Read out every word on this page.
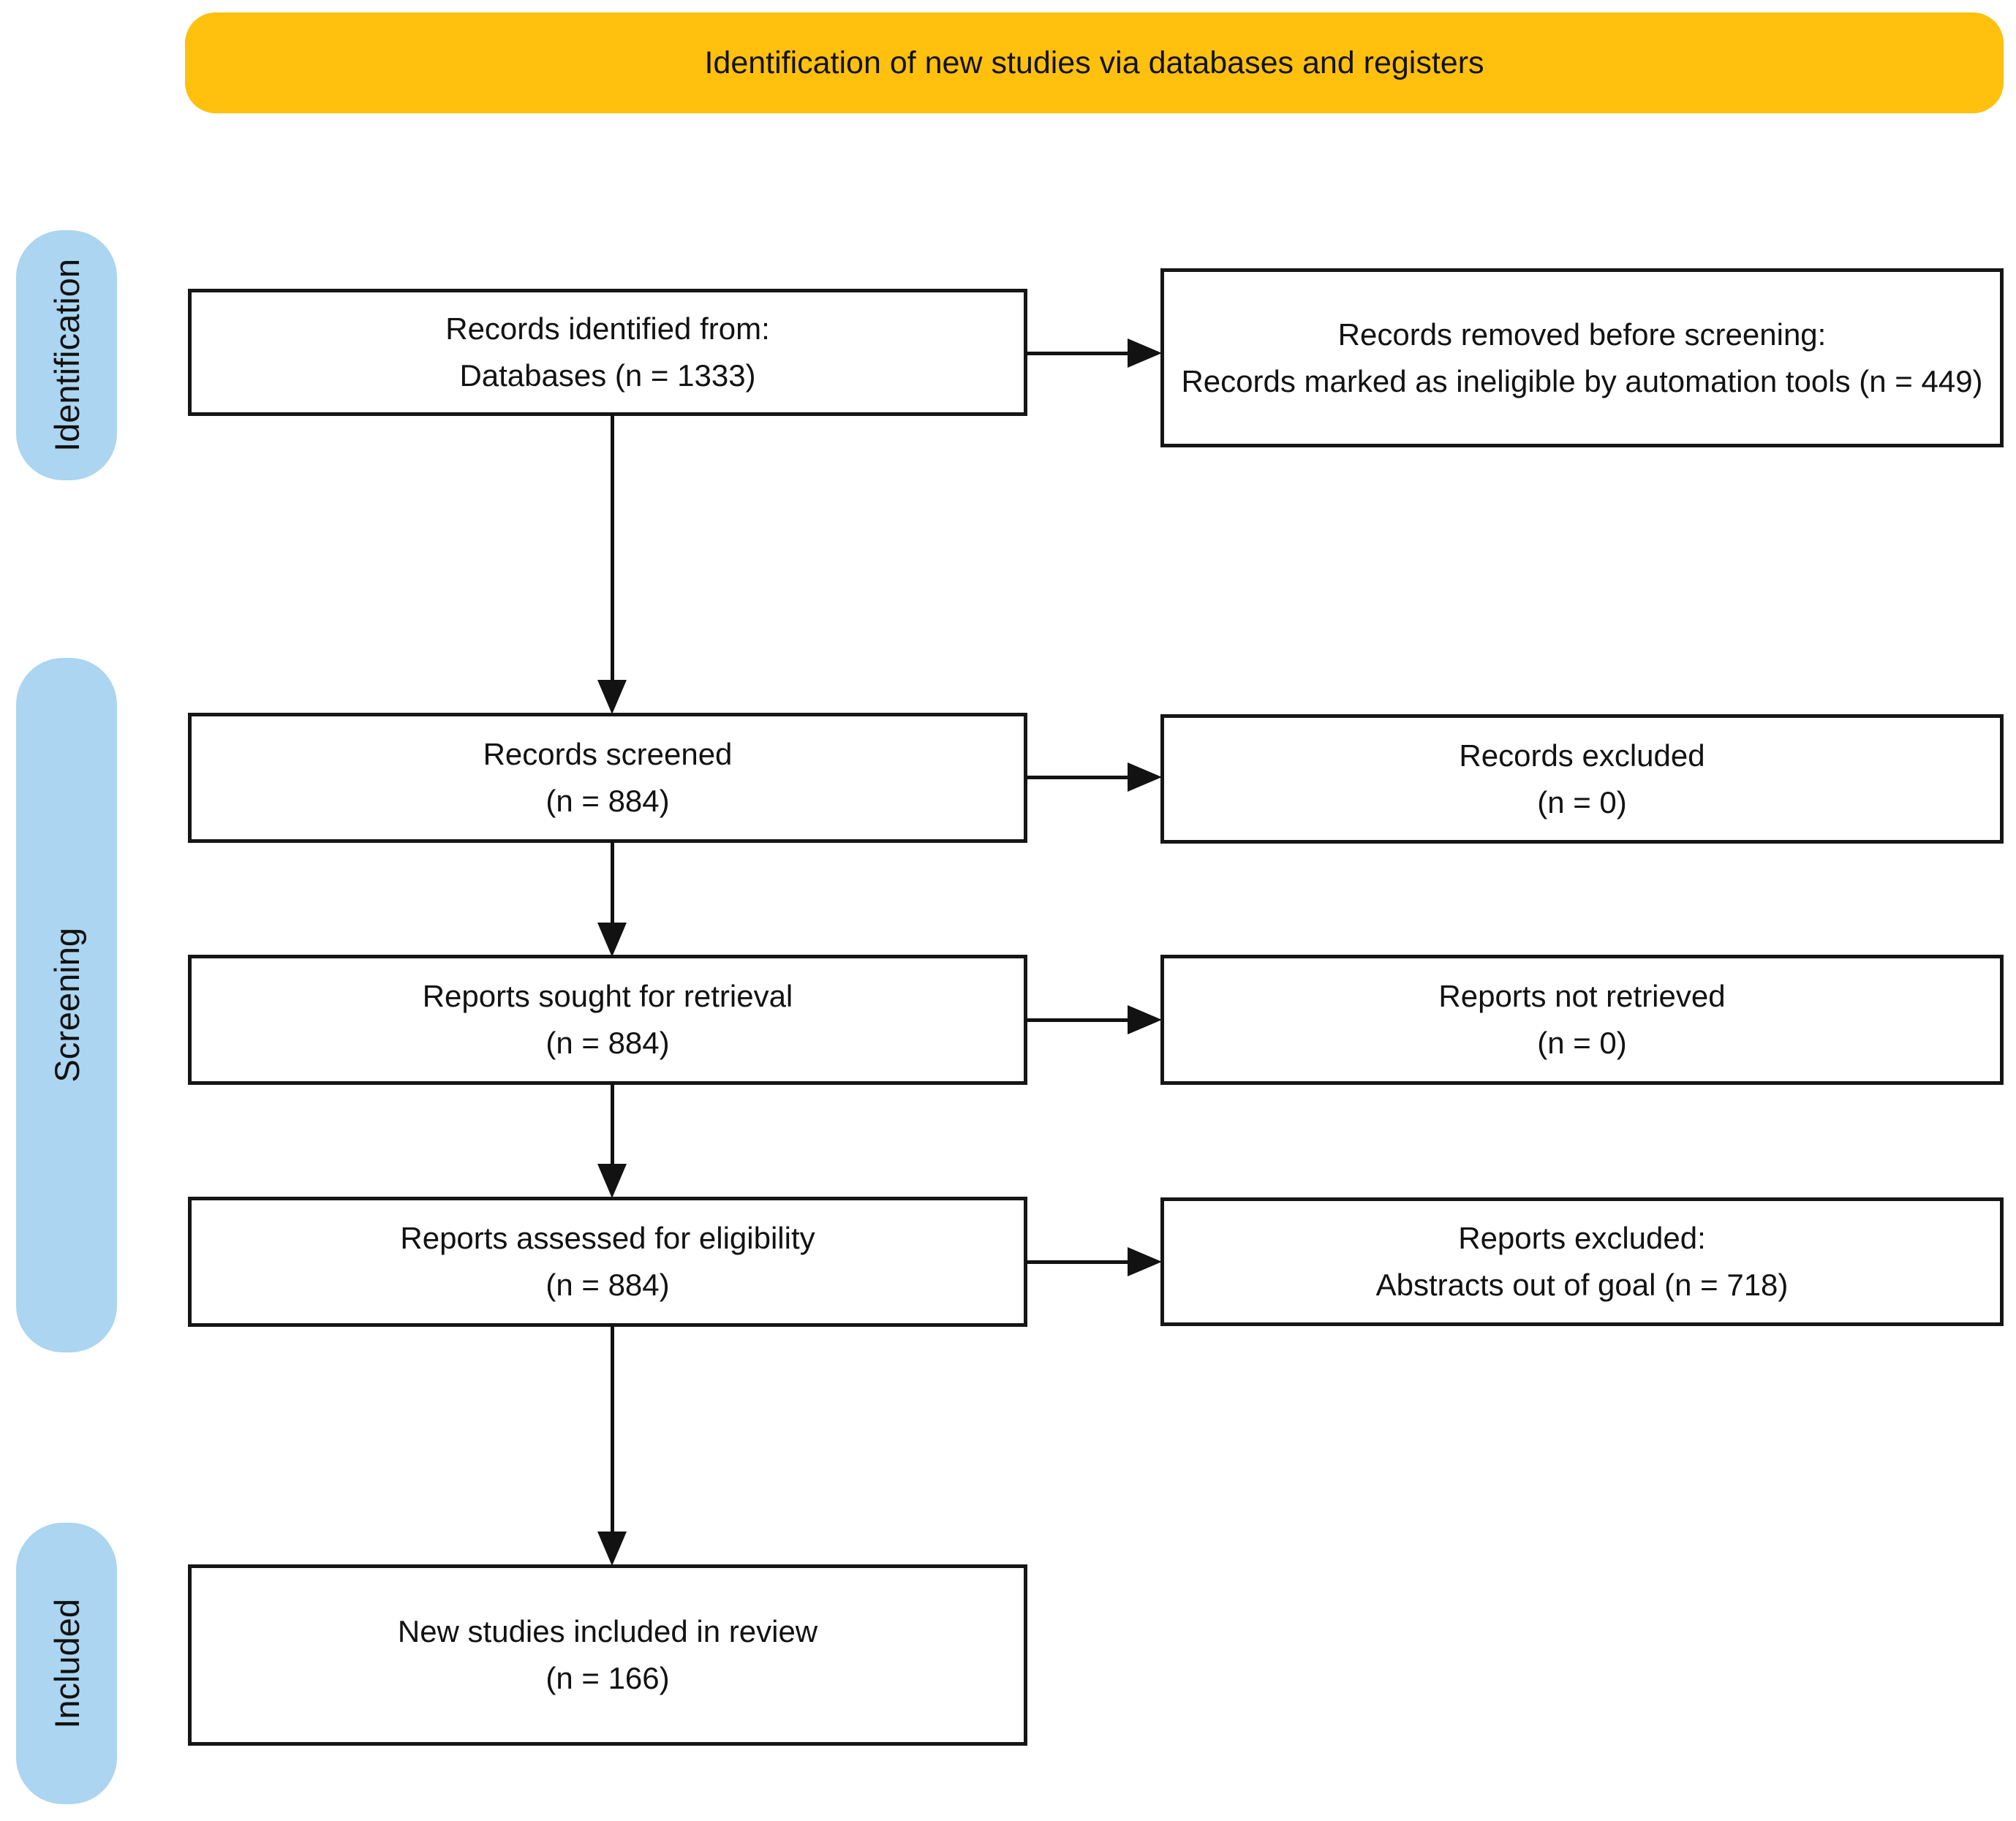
Identification of new studies via databases and registers
Identification
Screening
Included
Records identified from:
Databases (n = 1333)
Records removed before screening:
Records marked as ineligible by automation tools (n = 449)
Records screened
(n = 884)
Records excluded
(n = 0)
Reports sought for retrieval
(n = 884)
Reports not retrieved
(n = 0)
Reports assessed for eligibility
(n = 884)
Reports excluded:
Abstracts out of goal (n = 718)
New studies included in review
(n = 166)
